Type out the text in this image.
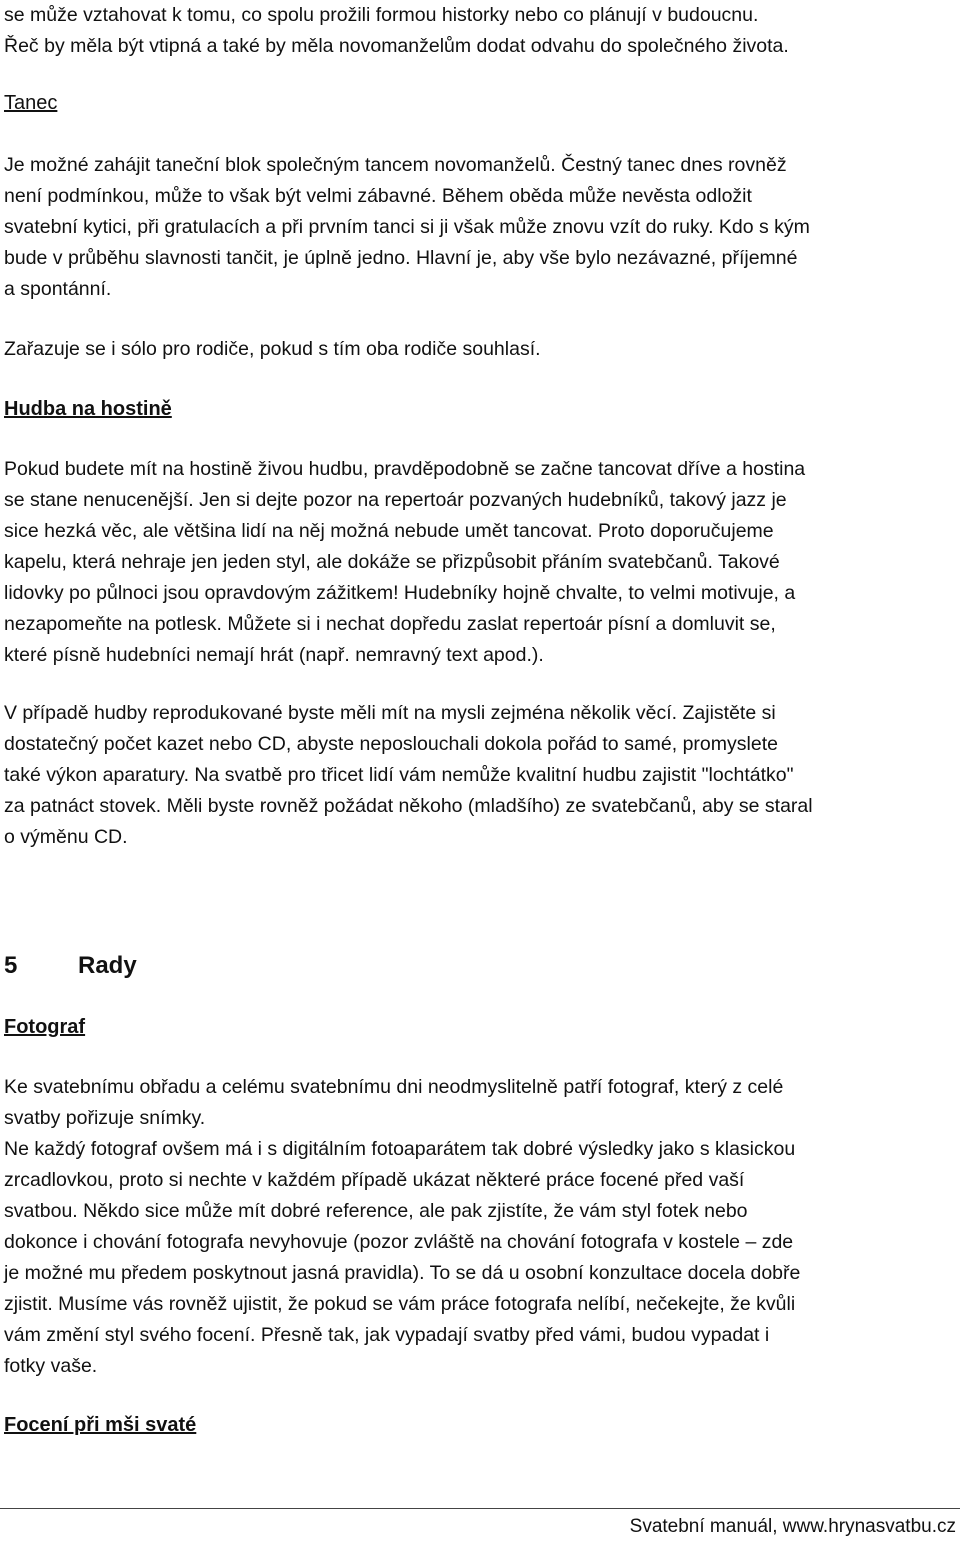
se může vztahovat k tomu, co spolu prožili formou historky nebo co plánují v budoucnu.

Řeč by měla být vtipná a také by měla novomanželům dodat odvahu do společného života.

Tanec

Je možné zahájit taneční blok společným tancem novomanželů. Čestný tanec dnes rovněž

není podmínkou, může to však být velmi zábavné. Během oběda může nevěsta odložit

svatební kytici, při gratulacích a při prvním tanci si ji však může znovu vzít do ruky. Kdo s kým

bude v průběhu slavnosti tančit, je úplně jedno. Hlavní je, aby vše bylo nezávazné, příjemné

a spontánní.

Zařazuje se i sólo pro rodiče, pokud s tím oba rodiče souhlasí.

Hudba na hostině

Pokud budete mít na hostině živou hudbu, pravděpodobně se začne tancovat dříve a hostina

se stane nenucenější. Jen si dejte pozor na repertoár pozvaných hudebníků, takový jazz je

sice hezká věc, ale většina lidí na něj možná nebude umět tancovat. Proto doporučujeme

kapelu, která nehraje jen jeden styl, ale dokáže se přizpůsobit přáním svatebčanů. Takové

lidovky po půlnoci jsou opravdovým zážitkem! Hudebníky hojně chvalte, to velmi motivuje, a

nezapomeňte na potlesk. Můžete si i nechat dopředu zaslat repertoár písní a domluvit se,

které písně hudebníci nemají hrát (např. nemravný text apod.).

V případě hudby reprodukované byste měli mít na mysli zejména několik věcí. Zajistěte si

dostatečný počet kazet nebo CD, abyste neposlouchali dokola pořád to samé, promyslete

také výkon aparatury. Na svatbě pro třicet lidí vám nemůže kvalitní hudbu zajistit "lochtátko"

za patnáct stovek. Měli byste rovněž požádat někoho (mladšího) ze svatebčanů, aby se staral

o výměnu CD.

5	Rady
Fotograf

Ke svatebnímu obřadu a celému svatebnímu dni neodmyslitelně patří fotograf, který z celé

svatby pořizuje snímky.

Ne každý fotograf ovšem má i s digitálním fotoaparátem tak dobré výsledky jako s klasickou

zrcadlovkou, proto si nechte v každém případě ukázat některé práce focené před vaší

svatbou. Někdo sice může mít dobré reference, ale pak zjistíte, že vám styl fotek nebo

dokonce i chování fotografa nevyhovuje (pozor zvláště na chování fotografa v kostele – zde

je možné mu předem poskytnout jasná pravidla). To se dá u osobní konzultace docela dobře

zjistit. Musíme vás rovněž ujistit, že pokud se vám práce fotografa nelíbí, nečekejte, že kvůli

vám změní styl svého focení. Přesně tak, jak vypadají svatby před vámi, budou vypadat i

fotky vaše.

Focení při mši svaté
Svatební manuál, www.hrynasvatbu.cz
